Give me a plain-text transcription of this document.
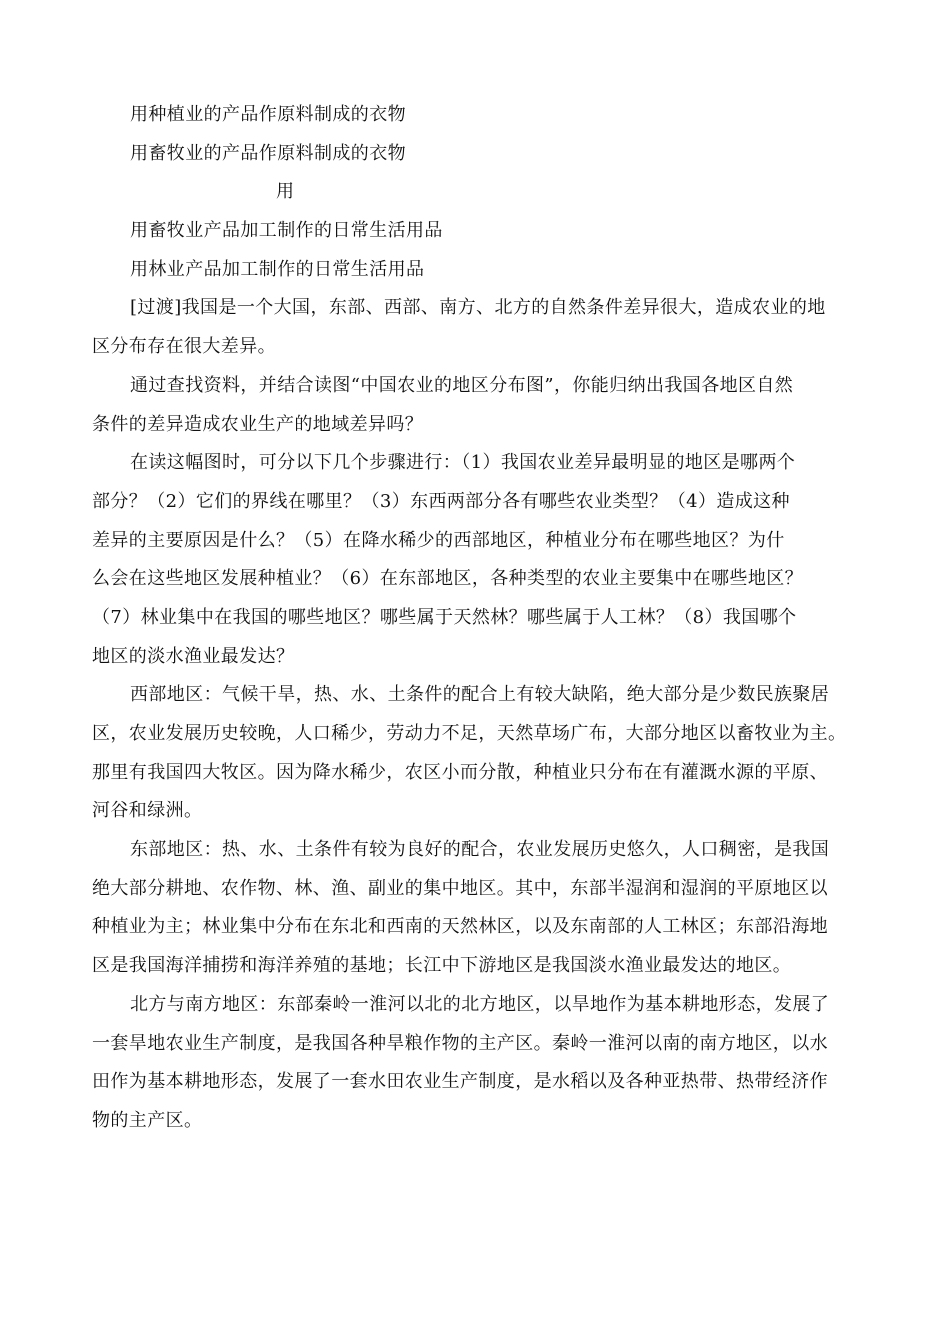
用种植业的产品作原料制成的衣物
用畜牧业的产品作原料制成的衣物
用
用畜牧业产品加工制作的日常生活用品
用林业产品加工制作的日常生活用品
[过渡]我国是一个大国，东部、西部、南方、北方的自然条件差异很大，造成农业的地
区分布存在很大差异。
通过查找资料，并结合读图“中国农业的地区分布图”，你能归纳出我国各地区自然
条件的差异造成农业生产的地域差异吗？
在读这幅图时，可分以下几个步骤进行：（1）我国农业差异最明显的地区是哪两个
部分？（2）它们的界线在哪里？（3）东西两部分各有哪些农业类型？（4）造成这种
差异的主要原因是什么？（5）在降水稀少的西部地区，种植业分布在哪些地区？为什
么会在这些地区发展种植业？（6）在东部地区，各种类型的农业主要集中在哪些地区？
（7）林业集中在我国的哪些地区？哪些属于天然林？哪些属于人工林？（8）我国哪个
地区的淡水渔业最发达？
西部地区：气候干旱，热、水、土条件的配合上有较大缺陷，绝大部分是少数民族聚居
区，农业发展历史较晚，人口稀少，劳动力不足，天然草场广布，大部分地区以畜牧业为主。
那里有我国四大牧区。因为降水稀少，农区小而分散，种植业只分布在有灌溉水源的平原、
河谷和绿洲。
东部地区：热、水、土条件有较为良好的配合，农业发展历史悠久，人口稠密，是我国
绝大部分耕地、农作物、林、渔、副业的集中地区。其中，东部半湿润和湿润的平原地区以
种植业为主；林业集中分布在东北和西南的天然林区，以及东南部的人工林区；东部沿海地
区是我国海洋捕捞和海洋养殖的基地；长江中下游地区是我国淡水渔业最发达的地区。
北方与南方地区：东部秦岭一淮河以北的北方地区，以旱地作为基本耕地形态，发展了
一套旱地农业生产制度，是我国各种旱粮作物的主产区。秦岭一淮河以南的南方地区，以水
田作为基本耕地形态，发展了一套水田农业生产制度，是水稻以及各种亚热带、热带经济作
物的主产区。
